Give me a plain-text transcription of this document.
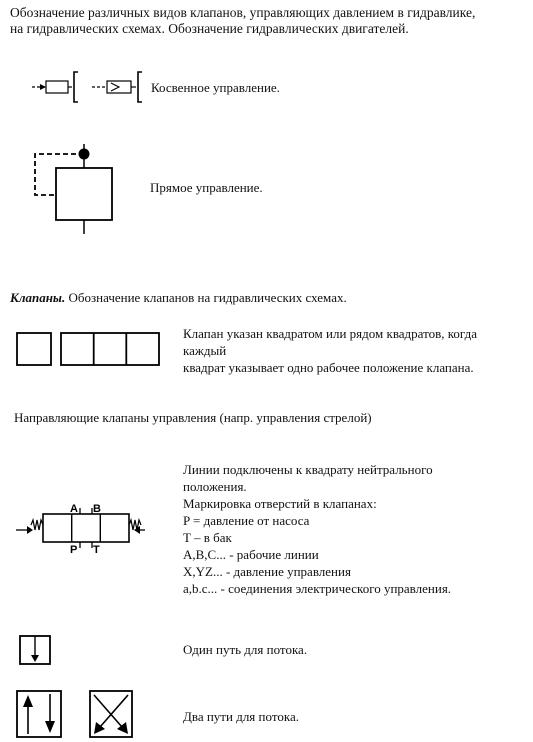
Обозначение различных видов клапанов, управляющих давлением в гидравлике,
на гидравлических схемах. Обозначение гидравлических двигателей.
Косвенное управление.
Прямое управление.
Клапаны. Обозначение клапанов на гидравлических схемах.
Клапан указан квадратом или рядом квадратов, когда
каждый
квадрат указывает одно рабочее положение клапана.
Направляющие клапаны управления (напр. управления стрелой)
A B
P T
Линии подключены к квадрату нейтрального
положения.
Маркировка отверстий в клапанах:
P = давление от насоса
T – в бак
A,B,C... - рабочие линии
X,YZ... - давление управления
a,b.c... - соединения электрического управления.
Один путь для потока.
Два пути для потока.
